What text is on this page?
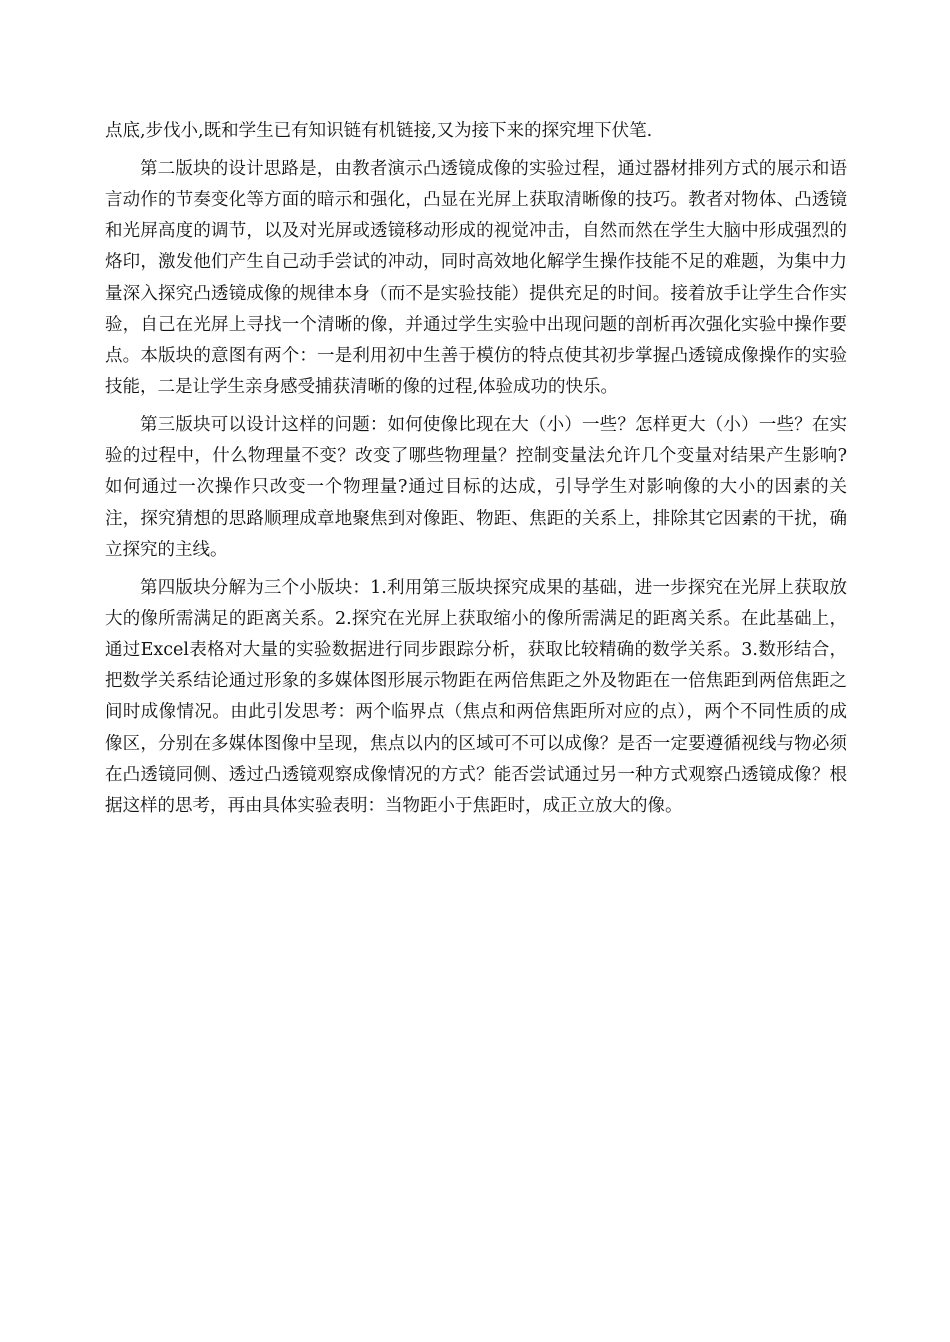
点底,步伐小,既和学生已有知识链有机链接,又为接下来的探究埋下伏笔.

第二版块的设计思路是，由教者演示凸透镜成像的实验过程，通过器材排列方式的展示和语言动作的节奏变化等方面的暗示和强化，凸显在光屏上获取清晰像的技巧。教者对物体、凸透镜和光屏高度的调节，以及对光屏或透镜移动形成的视觉冲击，自然而然在学生大脑中形成强烈的烙印，激发他们产生自己动手尝试的冲动，同时高效地化解学生操作技能不足的难题，为集中力量深入探究凸透镜成像的规律本身（而不是实验技能）提供充足的时间。接着放手让学生合作实验，自己在光屏上寻找一个清晰的像，并通过学生实验中出现问题的剖析再次强化实验中操作要点。本版块的意图有两个：一是利用初中生善于模仿的特点使其初步掌握凸透镜成像操作的实验技能，二是让学生亲身感受捕获清晰的像的过程,体验成功的快乐。

第三版块可以设计这样的问题：如何使像比现在大（小）一些？怎样更大（小）一些？在实验的过程中，什么物理量不变？改变了哪些物理量？控制变量法允许几个变量对结果产生影响?如何通过一次操作只改变一个物理量?通过目标的达成，引导学生对影响像的大小的因素的关注，探究猜想的思路顺理成章地聚焦到对像距、物距、焦距的关系上，排除其它因素的干扰，确立探究的主线。

第四版块分解为三个小版块：1.利用第三版块探究成果的基础，进一步探究在光屏上获取放大的像所需满足的距离关系。2.探究在光屏上获取缩小的像所需满足的距离关系。在此基础上，通过Excel表格对大量的实验数据进行同步跟踪分析，获取比较精确的数学关系。3.数形结合，把数学关系结论通过形象的多媒体图形展示物距在两倍焦距之外及物距在一倍焦距到两倍焦距之间时成像情况。由此引发思考：两个临界点（焦点和两倍焦距所对应的点），两个不同性质的成像区，分别在多媒体图像中呈现，焦点以内的区域可不可以成像？是否一定要遵循视线与物必须在凸透镜同侧、透过凸透镜观察成像情况的方式？能否尝试通过另一种方式观察凸透镜成像？根据这样的思考，再由具体实验表明：当物距小于焦距时，成正立放大的像。
